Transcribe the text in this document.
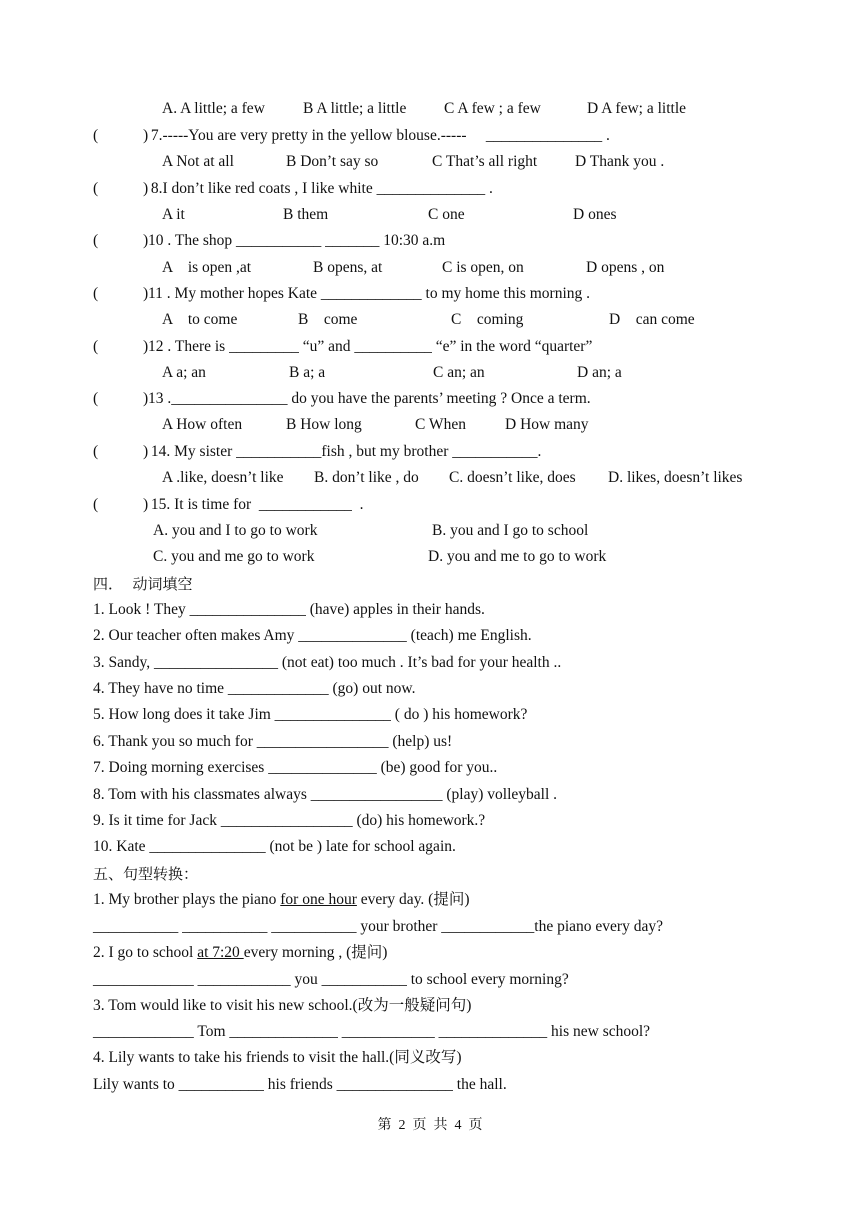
A. A little; a few B A little; a little C A few ; a few	D A few; a little
(	)
7.-----You are very pretty in the yellow blouse.-----     _______________ .
A Not at all	B Don’t say so	C That’s all right D Thank you .
(	)
8.I don’t like red coats , I like white ______________ .
A it	B them	C one	D ones
(	) 10 . The shop ___________ _______ 10:30 a.m
A    is open ,at	B opens, at	C is open, on	D opens , on
(	) 11 . My mother hopes Kate _____________ to my home this morning .
A    to come	B    come	C    coming	D    can come
(	) 12 . There is _________ “u” and __________ “e” in the word “quarter”
A a; an	B a; a	C an; an	D an; a
(	) 13 ._______________ do you have the parents’ meeting ? Once a term.
A How often	B How long	C When	D How many
(	)
14. My sister ___________fish , but my brother ___________.
A .like, doesn’t like B. don’t like , do C. doesn’t like, does D. likes, doesn’t likes
(	)
15. It is time for  ____________  .
A. you and I to go to work	B. you and I go to school
C. you and me go to work	D. you and me to go to work
四．  动词填空
1. Look ! They _______________ (have) apples in their hands.
2. Our teacher often makes Amy ______________ (teach) me English.
3. Sandy, ________________ (not eat) too much . It’s bad for your health ..
4. They have no time _____________ (go) out now.
5. How long does it take Jim _______________ ( do ) his homework?
6. Thank you so much for _________________ (help) us!
7. Doing morning exercises ______________ (be) good for you..
8. Tom with his classmates always _________________ (play) volleyball .
9. Is it time for Jack _________________ (do) his homework.?
10. Kate _______________ (not be ) late for school again.
五、句型转换：
1. My brother plays the piano for one hour every day. (提问)
___________ ___________ ___________ your brother ____________the piano every day?
2. I go to school at 7:20 every morning , (提问)
_____________ ____________ you ___________ to school every morning?
3. Tom would like to visit his new school.(改为一般疑问句)
_____________ Tom ______________ ____________ ______________ his new school?
4. Lily wants to take his friends to visit the hall.(同义改写)
Lily wants to ___________ his friends _______________ the hall.
第  2  页  共  4  页
